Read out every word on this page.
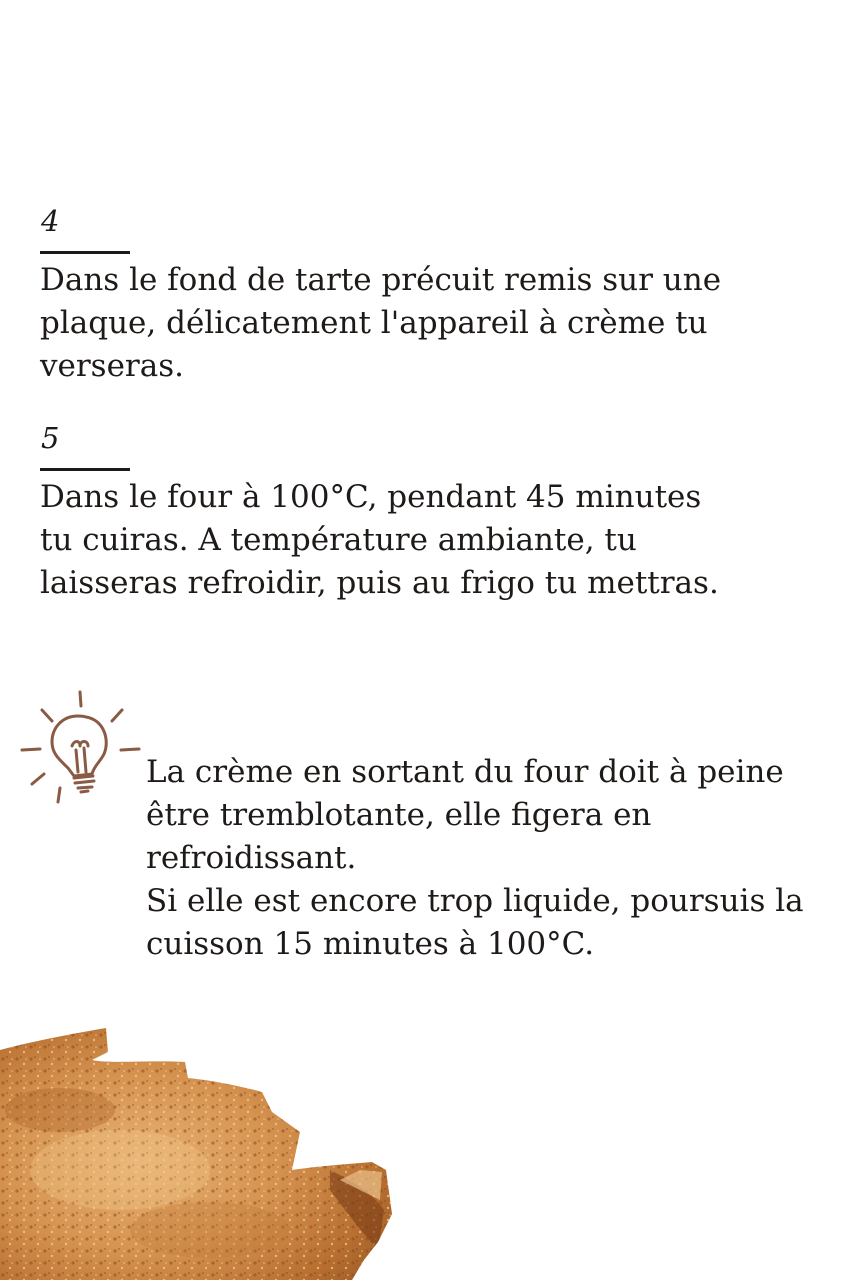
4

Dans le fond de tarte précuit remis sur une
plaque, délicatement l'appareil à crème tu
verseras.

5

Dans le four à 100°C, pendant 45 minutes
tu cuiras. A température ambiante, tu
laisseras refroidir, puis au frigo tu mettras.

La crème en sortant du four doit à peine
être tremblotante, elle figera en
refroidissant.
Si elle est encore trop liquide, poursuis la
cuisson 15 minutes à 100°C.
